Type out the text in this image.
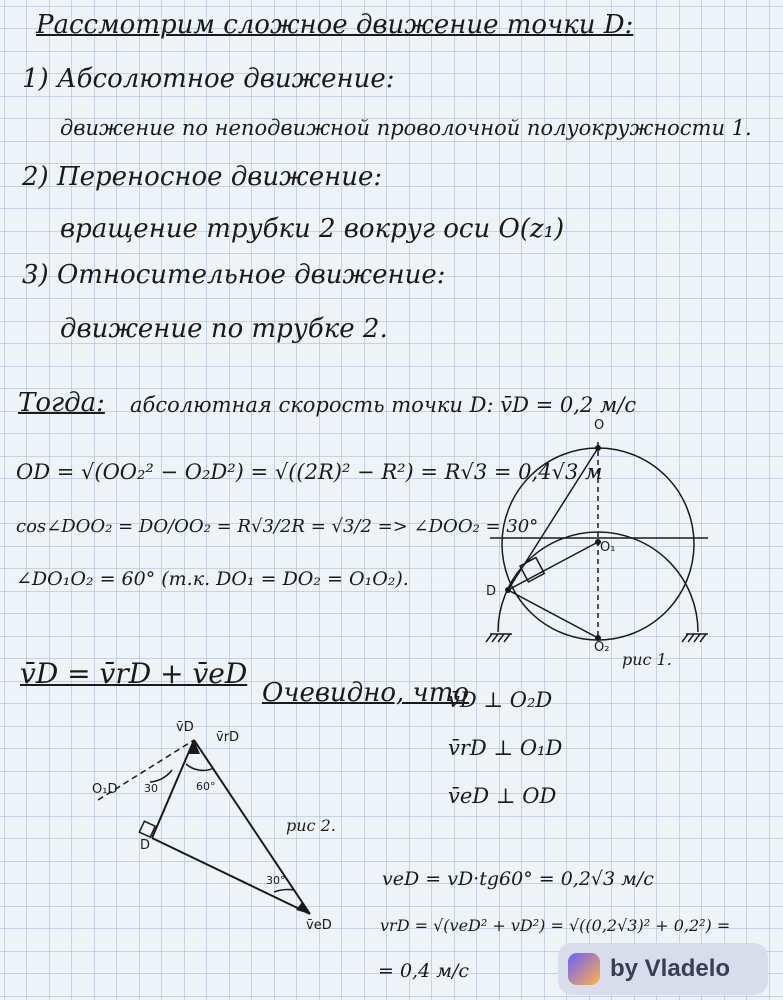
Рассмотрим сложное движение точки D:
1) Абсолютное движение:
движение по неподвижной проволочной полуокружности 1.
2) Переносное движение:
вращение трубки 2 вокруг оси O(z₁)
3) Относительное движение:
движение по трубке 2.
Тогда: абсолютная скорость точки D: v̄D = 0,2 м/с
OD = √(OO₂² − O₂D²) = √((2R)² − R²) = R√3 = 0,4√3 м
cos∠DOO₂ = DO/OO₂ = R√3/2R = √3/2 => ∠DOO₂ = 30°
∠DO₁O₂ = 60° (т.к. DO₁ = DO₂ = O₁O₂).
O
O₁
O₂
D
рис 1.
v̄D = v̄rD + v̄eD
Очевидно, что
v̄D ⊥ O₂D
v̄rD ⊥ O₁D
v̄eD ⊥ OD
v̄D
v̄rD
v̄eD
O₁D
D
30	60°
30°
рис 2.
veD = vD·tg60° = 0,2√3 м/с
vrD = √(veD² + vD²) = √((0,2√3)² + 0,2²) =
= 0,4 м/с	by Vladelo
